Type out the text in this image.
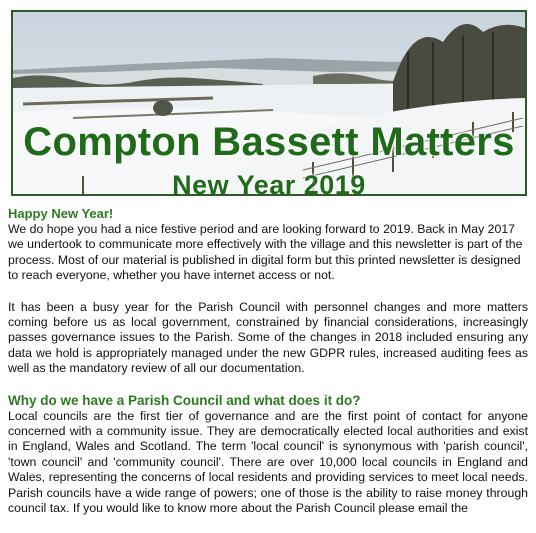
Compton Bassett Matters
New Year 2019

Happy New Year!

We do hope you had a nice festive period and are looking forward to 2019. Back in May 2017 we undertook to communicate more effectively with the village and this newsletter is part of the process. Most of our material is published in digital form but this printed newsletter is designed to reach everyone, whether you have internet access or not.

It has been a busy year for the Parish Council with personnel changes and more matters coming before us as local government, constrained by financial considerations, increasingly passes governance issues to the Parish. Some of the changes in 2018 included ensuring any data we hold is appropriately managed under the new GDPR rules, increased auditing fees as well as the mandatory review of all our documentation.

Why do we have a Parish Council and what does it do?

Local councils are the first tier of governance and are the first point of contact for anyone concerned with a community issue. They are democratically elected local authorities and exist in England, Wales and Scotland. The term 'local council' is synonymous with 'parish council', 'town council' and 'community council'. There are over 10,000 local councils in England and Wales, representing the concerns of local residents and providing services to meet local needs. Parish councils have a wide range of powers; one of those is the ability to raise money through council tax. If you would like to know more about the Parish Council please email the
